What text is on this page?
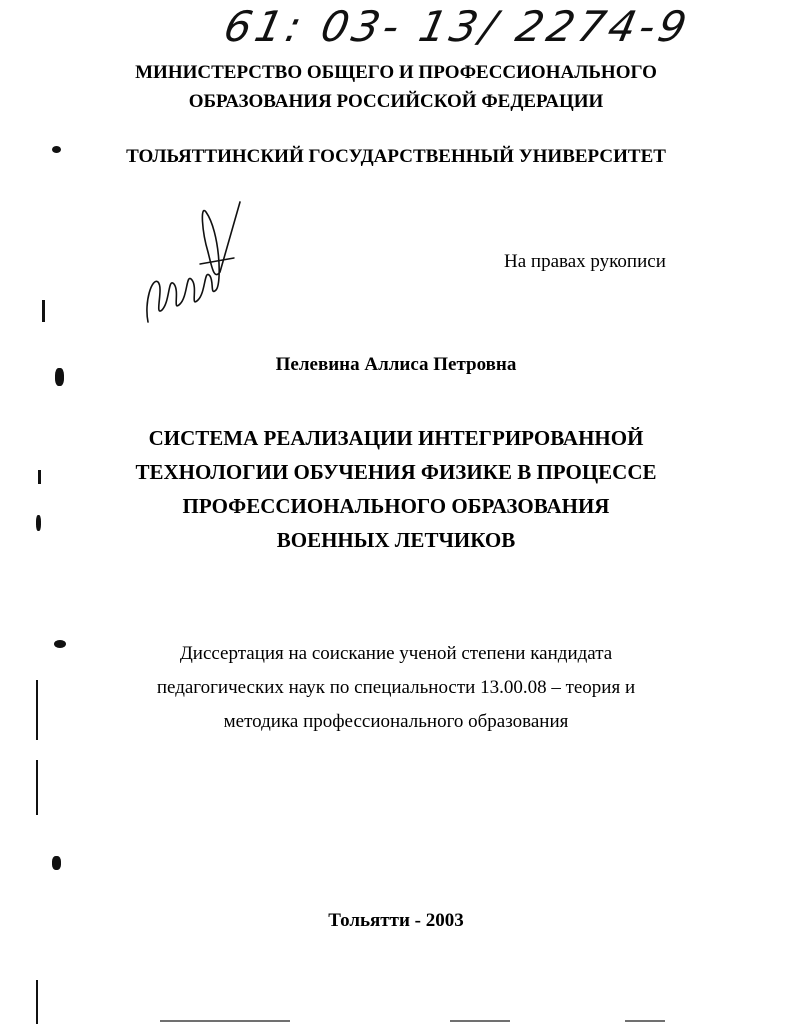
61: 03- 13/ 2274-9
МИНИСТЕРСТВО ОБЩЕГО И ПРОФЕССИОНАЛЬНОГО
ОБРАЗОВАНИЯ РОССИЙСКОЙ ФЕДЕРАЦИИ
ТОЛЬЯТТИНСКИЙ ГОСУДАРСТВЕННЫЙ УНИВЕРСИТЕТ
На правах рукописи
Пелевина Аллиса Петровна
СИСТЕМА РЕАЛИЗАЦИИ ИНТЕГРИРОВАННОЙ
ТЕХНОЛОГИИ ОБУЧЕНИЯ ФИЗИКЕ В ПРОЦЕССЕ
ПРОФЕССИОНАЛЬНОГО ОБРАЗОВАНИЯ
ВОЕННЫХ ЛЕТЧИКОВ
Диссертация на соискание ученой степени кандидата
педагогических наук по специальности 13.00.08 – теория и
методика профессионального образования
Тольятти - 2003
